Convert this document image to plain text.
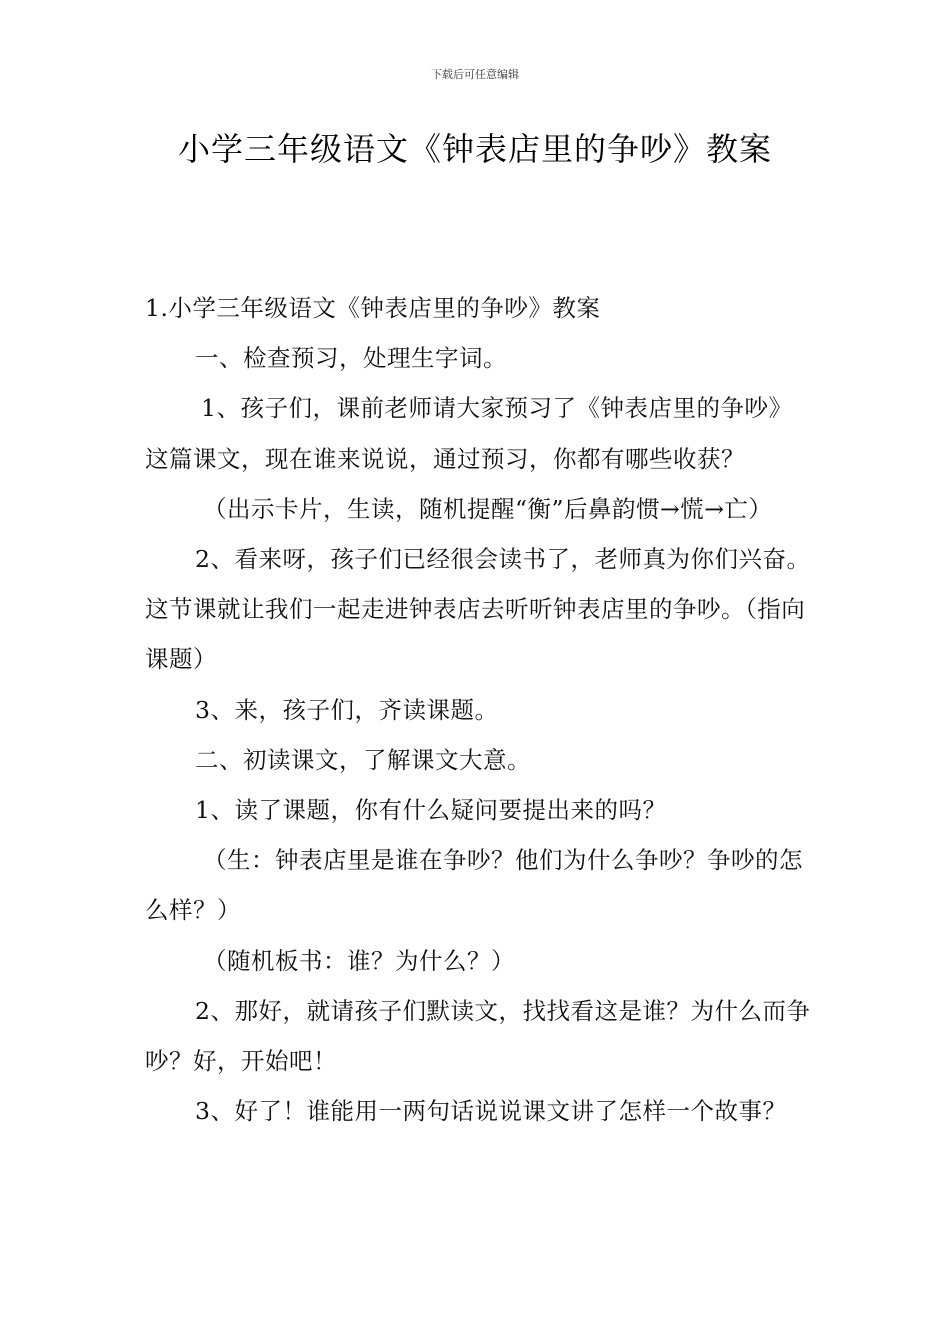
下载后可任意编辑
小学三年级语文《钟表店里的争吵》教案

1.小学三年级语文《钟表店里的争吵》教案

一、检查预习，处理生字词。

1、孩子们，课前老师请大家预习了《钟表店里的争吵》这篇课文，现在谁来说说，通过预习，你都有哪些收获？

（出示卡片，生读，随机提醒“衡”后鼻韵惯→慌→亡）

2、看来呀，孩子们已经很会读书了，老师真为你们兴奋。这节课就让我们一起走进钟表店去听听钟表店里的争吵。（指向课题）

3、来，孩子们，齐读课题。

二、初读课文，了解课文大意。

1、读了课题，你有什么疑问要提出来的吗？

（生：钟表店里是谁在争吵？他们为什么争吵？争吵的怎么样？）

（随机板书：谁？为什么？）

2、那好，就请孩子们默读文，找找看这是谁？为什么而争吵？好，开始吧！

3、好了！谁能用一两句话说说课文讲了怎样一个故事？
